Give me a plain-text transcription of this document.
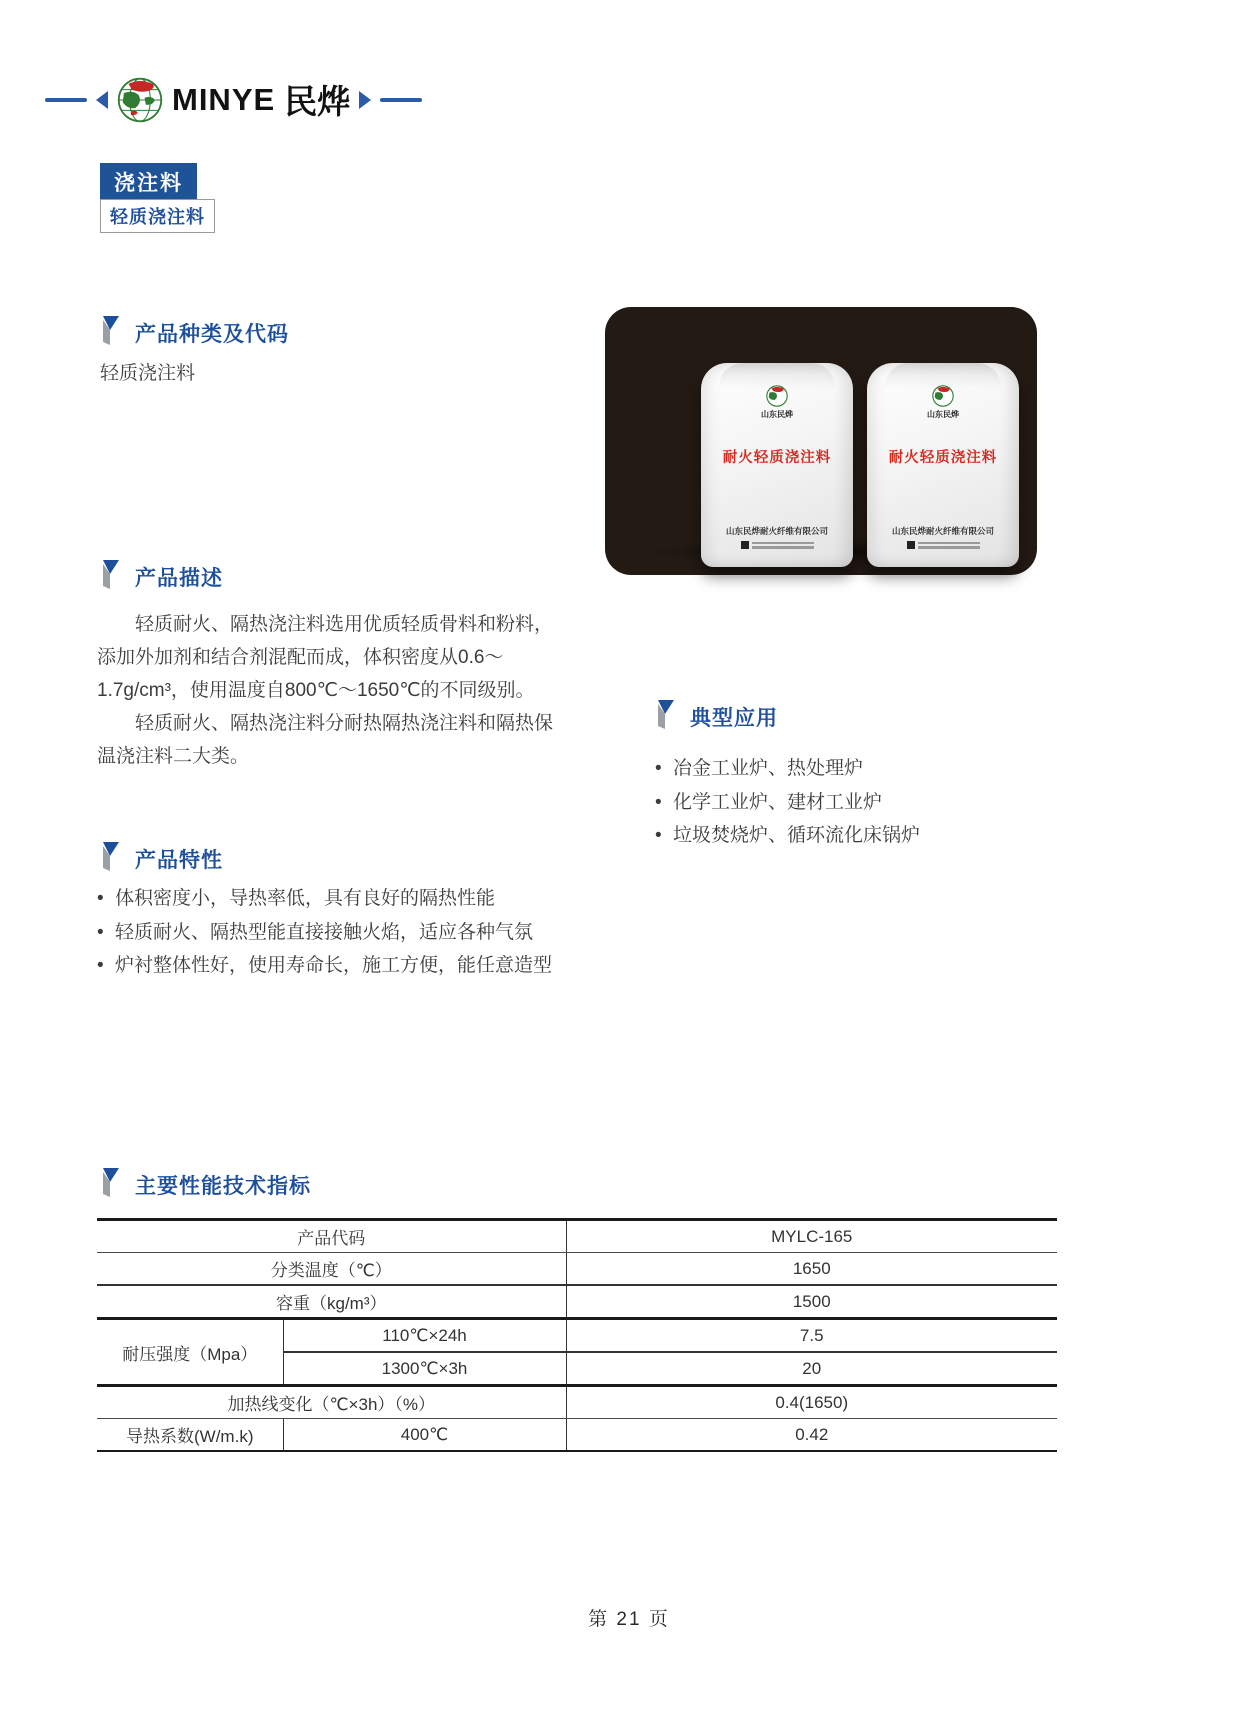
MINYE 民烨
浇注料
轻质浇注料
产品种类及代码
轻质浇注料
山东民烨
耐火轻质浇注料
山东民烨耐火纤维有限公司
山东民烨
耐火轻质浇注料
山东民烨耐火纤维有限公司
产品描述

轻质耐火、隔热浇注料选用优质轻质骨料和粉料，添加外加剂和结合剂混配而成，体积密度从0.6～1.7g/cm³，使用温度自800℃～1650℃的不同级别。

轻质耐火、隔热浇注料分耐热隔热浇注料和隔热保温浇注料二大类。

典型应用
• 冶金工业炉、热处理炉
• 化学工业炉、建材工业炉
• 垃圾焚烧炉、循环流化床锅炉
产品特性
• 体积密度小，导热率低，具有良好的隔热性能
• 轻质耐火、隔热型能直接接触火焰，适应各种气氛
• 炉衬整体性好，使用寿命长，施工方便，能任意造型
主要性能技术指标
产品代码		MYLC-165
分类温度（℃）		1650
容重（kg/m³）		1500
耐压强度（Mpa）	110℃×24h	7.5
	1300℃×3h	20
加热线变化（℃×3h）（%）		0.4(1650)
导热系数(W/m.k)	400℃	0.42
第 21 页
